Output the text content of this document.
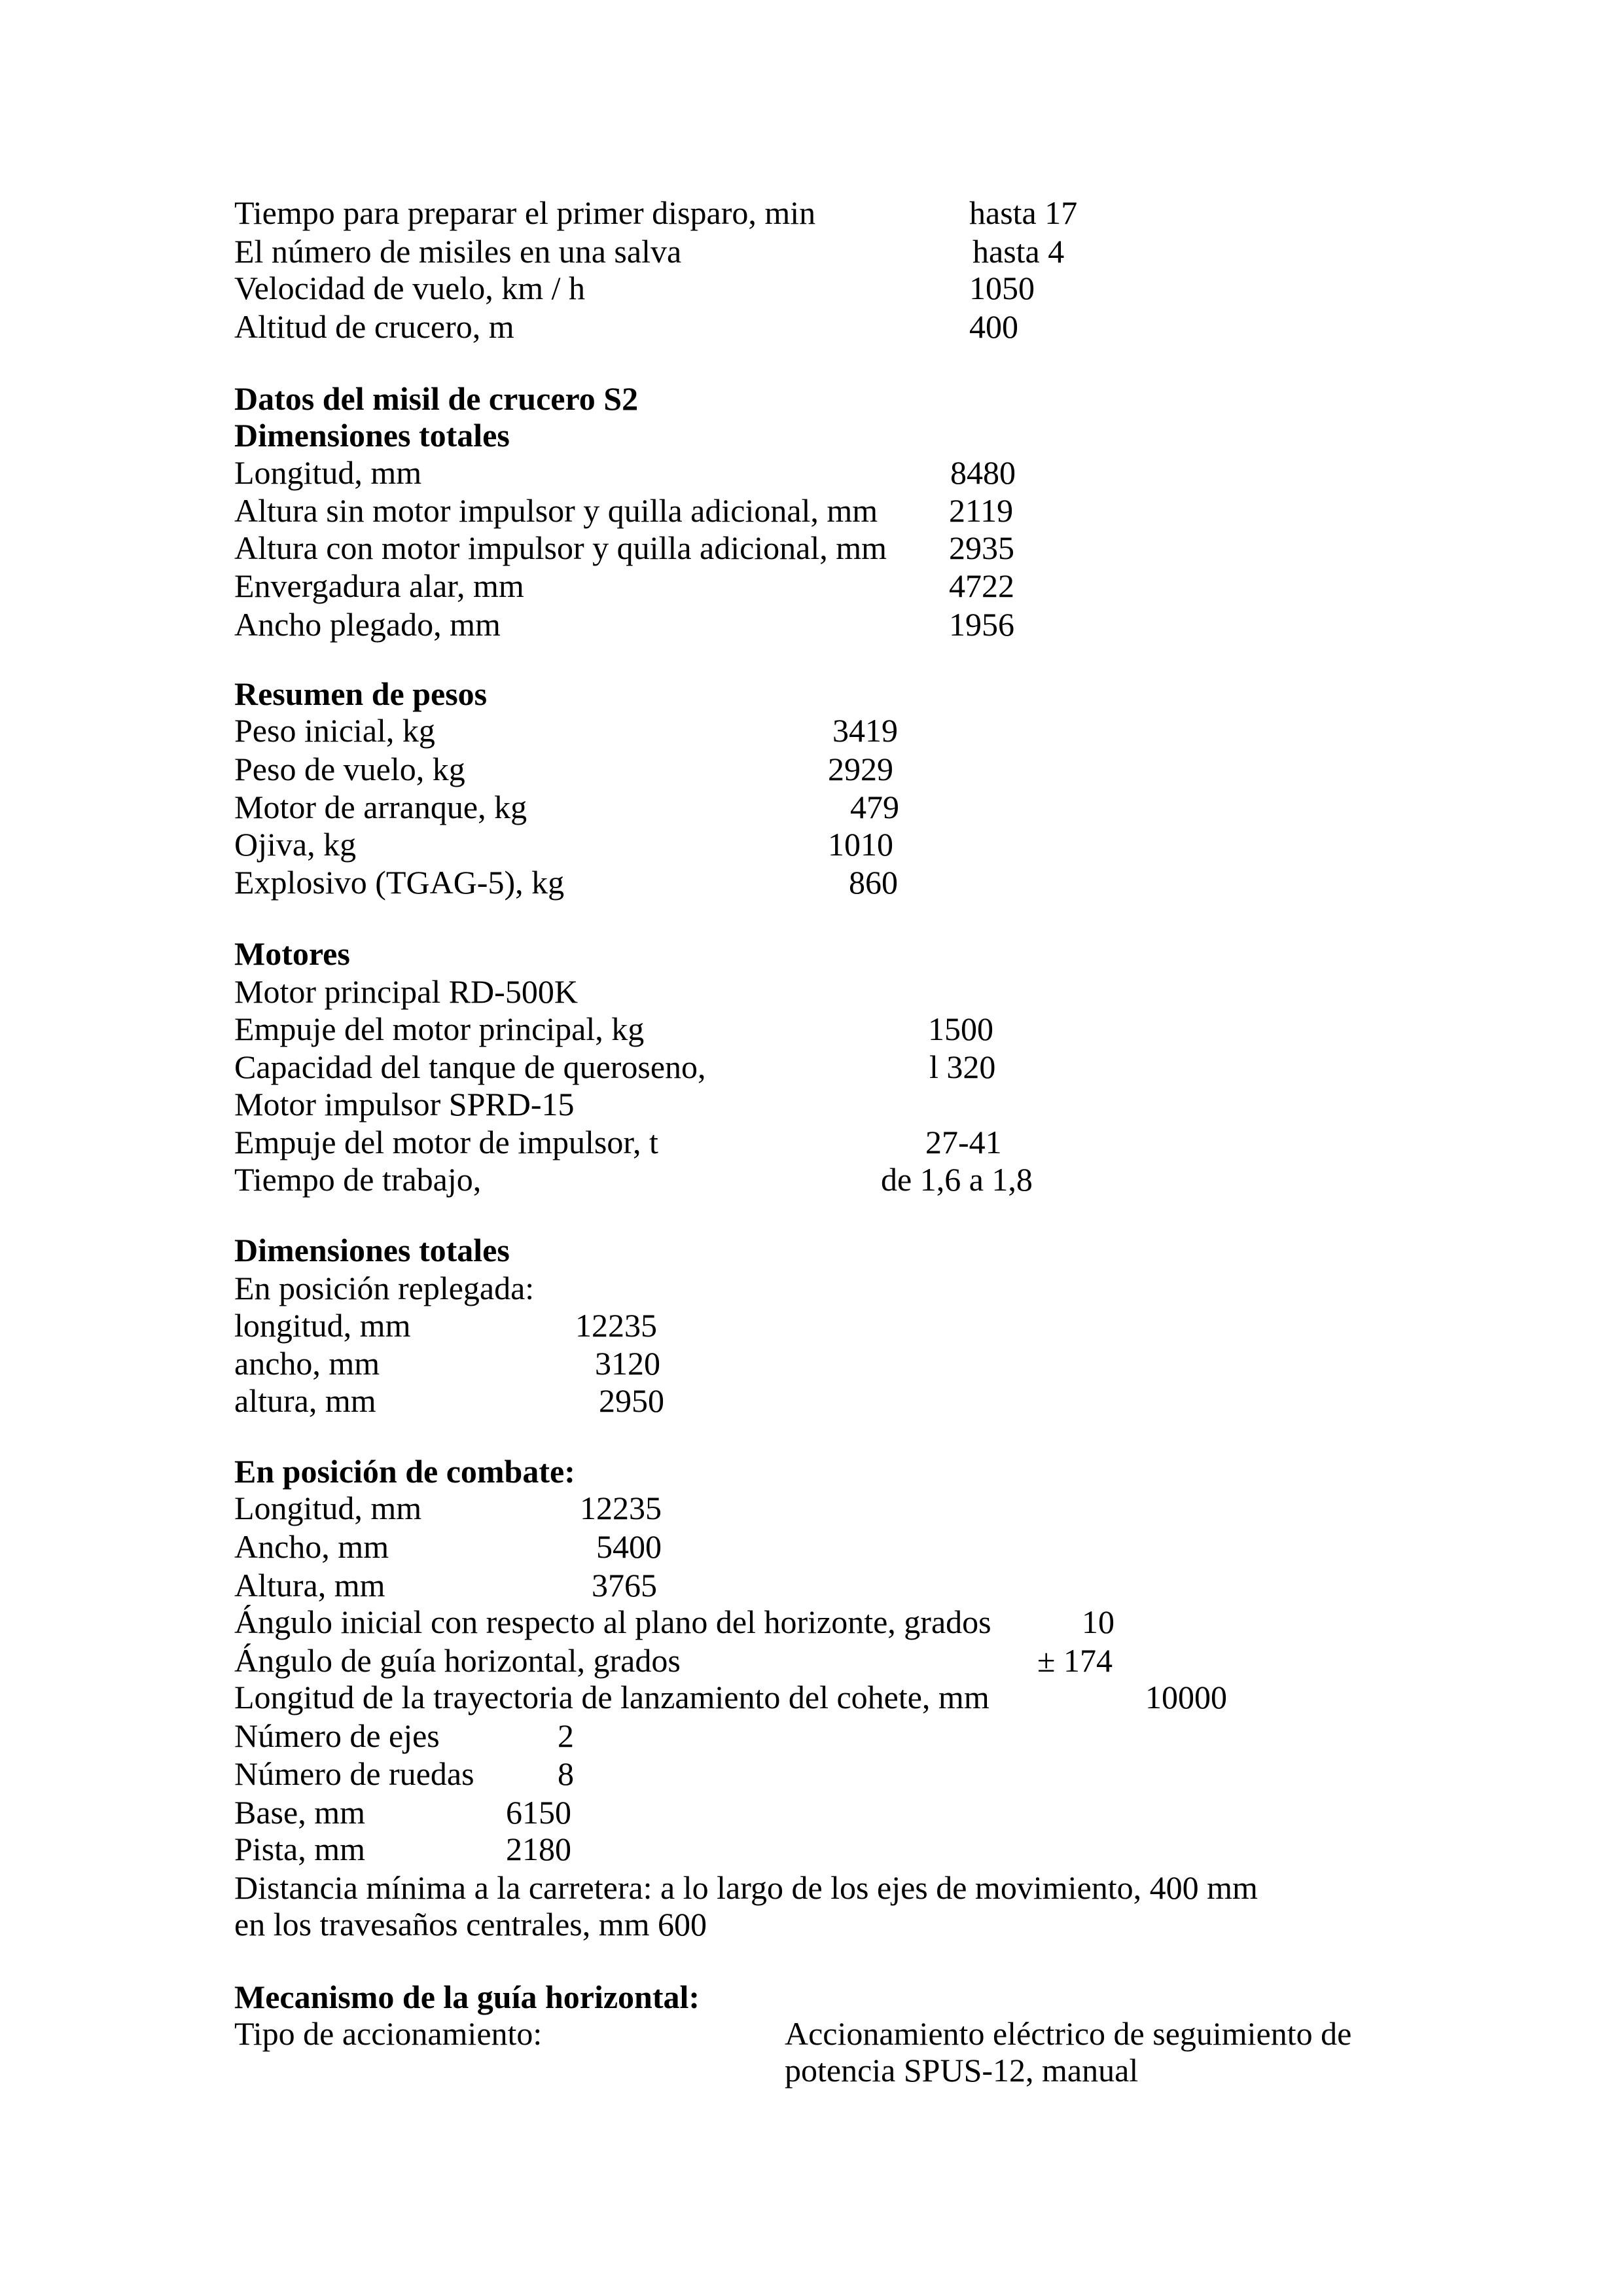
Tiempo para preparar el primer disparo, min	hasta 17
El número de misiles en una salva	hasta 4
Velocidad de vuelo, km / h	1050
Altitud de crucero, m	400
Datos del misil de crucero S2
Dimensiones totales
Longitud, mm	8480
Altura sin motor impulsor y quilla adicional, mm 2119
Altura con motor impulsor y quilla adicional, mm 2935
Envergadura alar, mm	4722
Ancho plegado, mm	1956
Resumen de pesos
Peso inicial, kg	3419
Peso de vuelo, kg	2929
Motor de arranque, kg	479
Ojiva, kg	1010
Explosivo (TGAG-5), kg	860
Motores
Motor principal RD-500K
Empuje del motor principal, kg	1500
Capacidad del tanque de queroseno,	l 320
Motor impulsor SPRD-15
Empuje del motor de impulsor, t	27-41
Tiempo de trabajo,	de 1,6 a 1,8
Dimensiones totales
En posición replegada:
longitud, mm	12235
ancho, mm	3120
altura, mm	2950
En posición de combate:
Longitud, mm	12235
Ancho, mm	5400
Altura, mm	3765
Ángulo inicial con respecto al plano del horizonte, grados	10
Ángulo de guía horizontal, grados	± 174
Longitud de la trayectoria de lanzamiento del cohete, mm	10000
Número de ejes	2
Número de ruedas	8
Base, mm	6150
Pista, mm	2180
Distancia mínima a la carretera: a lo largo de los ejes de movimiento, 400 mm
en los travesaños centrales, mm 600
Mecanismo de la guía horizontal:
Tipo de accionamiento:	Accionamiento eléctrico de seguimiento de
potencia SPUS-12, manual
